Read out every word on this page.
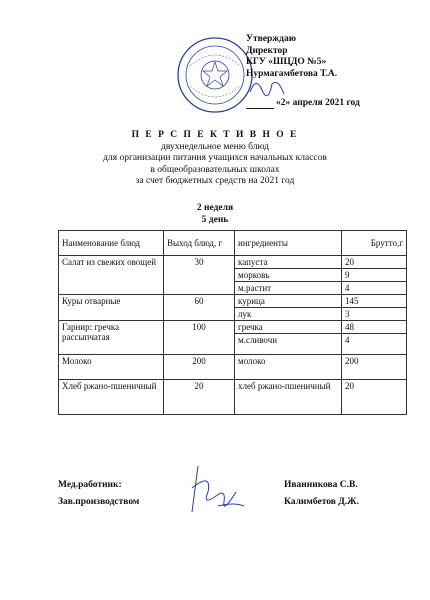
Утверждаю
Директор
КГУ «ШЦДО №5»
Нурмагамбетова Т.А.
«2» апреля 2021 год
П Е Р С П Е К Т И В Н О Е
двухнедельное меню блюд
для организации питания учащихся начальных классов
в общеобразовательных школах
за счет бюджетных средств на 2021 год
2 неделя
5 день
Наименование блюд	Выход блюд, г	ингредиенты	Брутто,г
Салат из свежих овощей	30	капуста	20
		морковь	9
		м.растит	4
Куры отварные	60	курица	145
		лук	3
Гарнир: гречка рассыпчатая	100	гречка	48
		м.сливочн	4
Молоко	200	молоко	200
Хлеб ржано-пшеничный	20	хлеб ржано-пшеничный	20
Мед.работник:	Иванникова С.В.
Зав.производством	Калимбетов Д.Ж.
